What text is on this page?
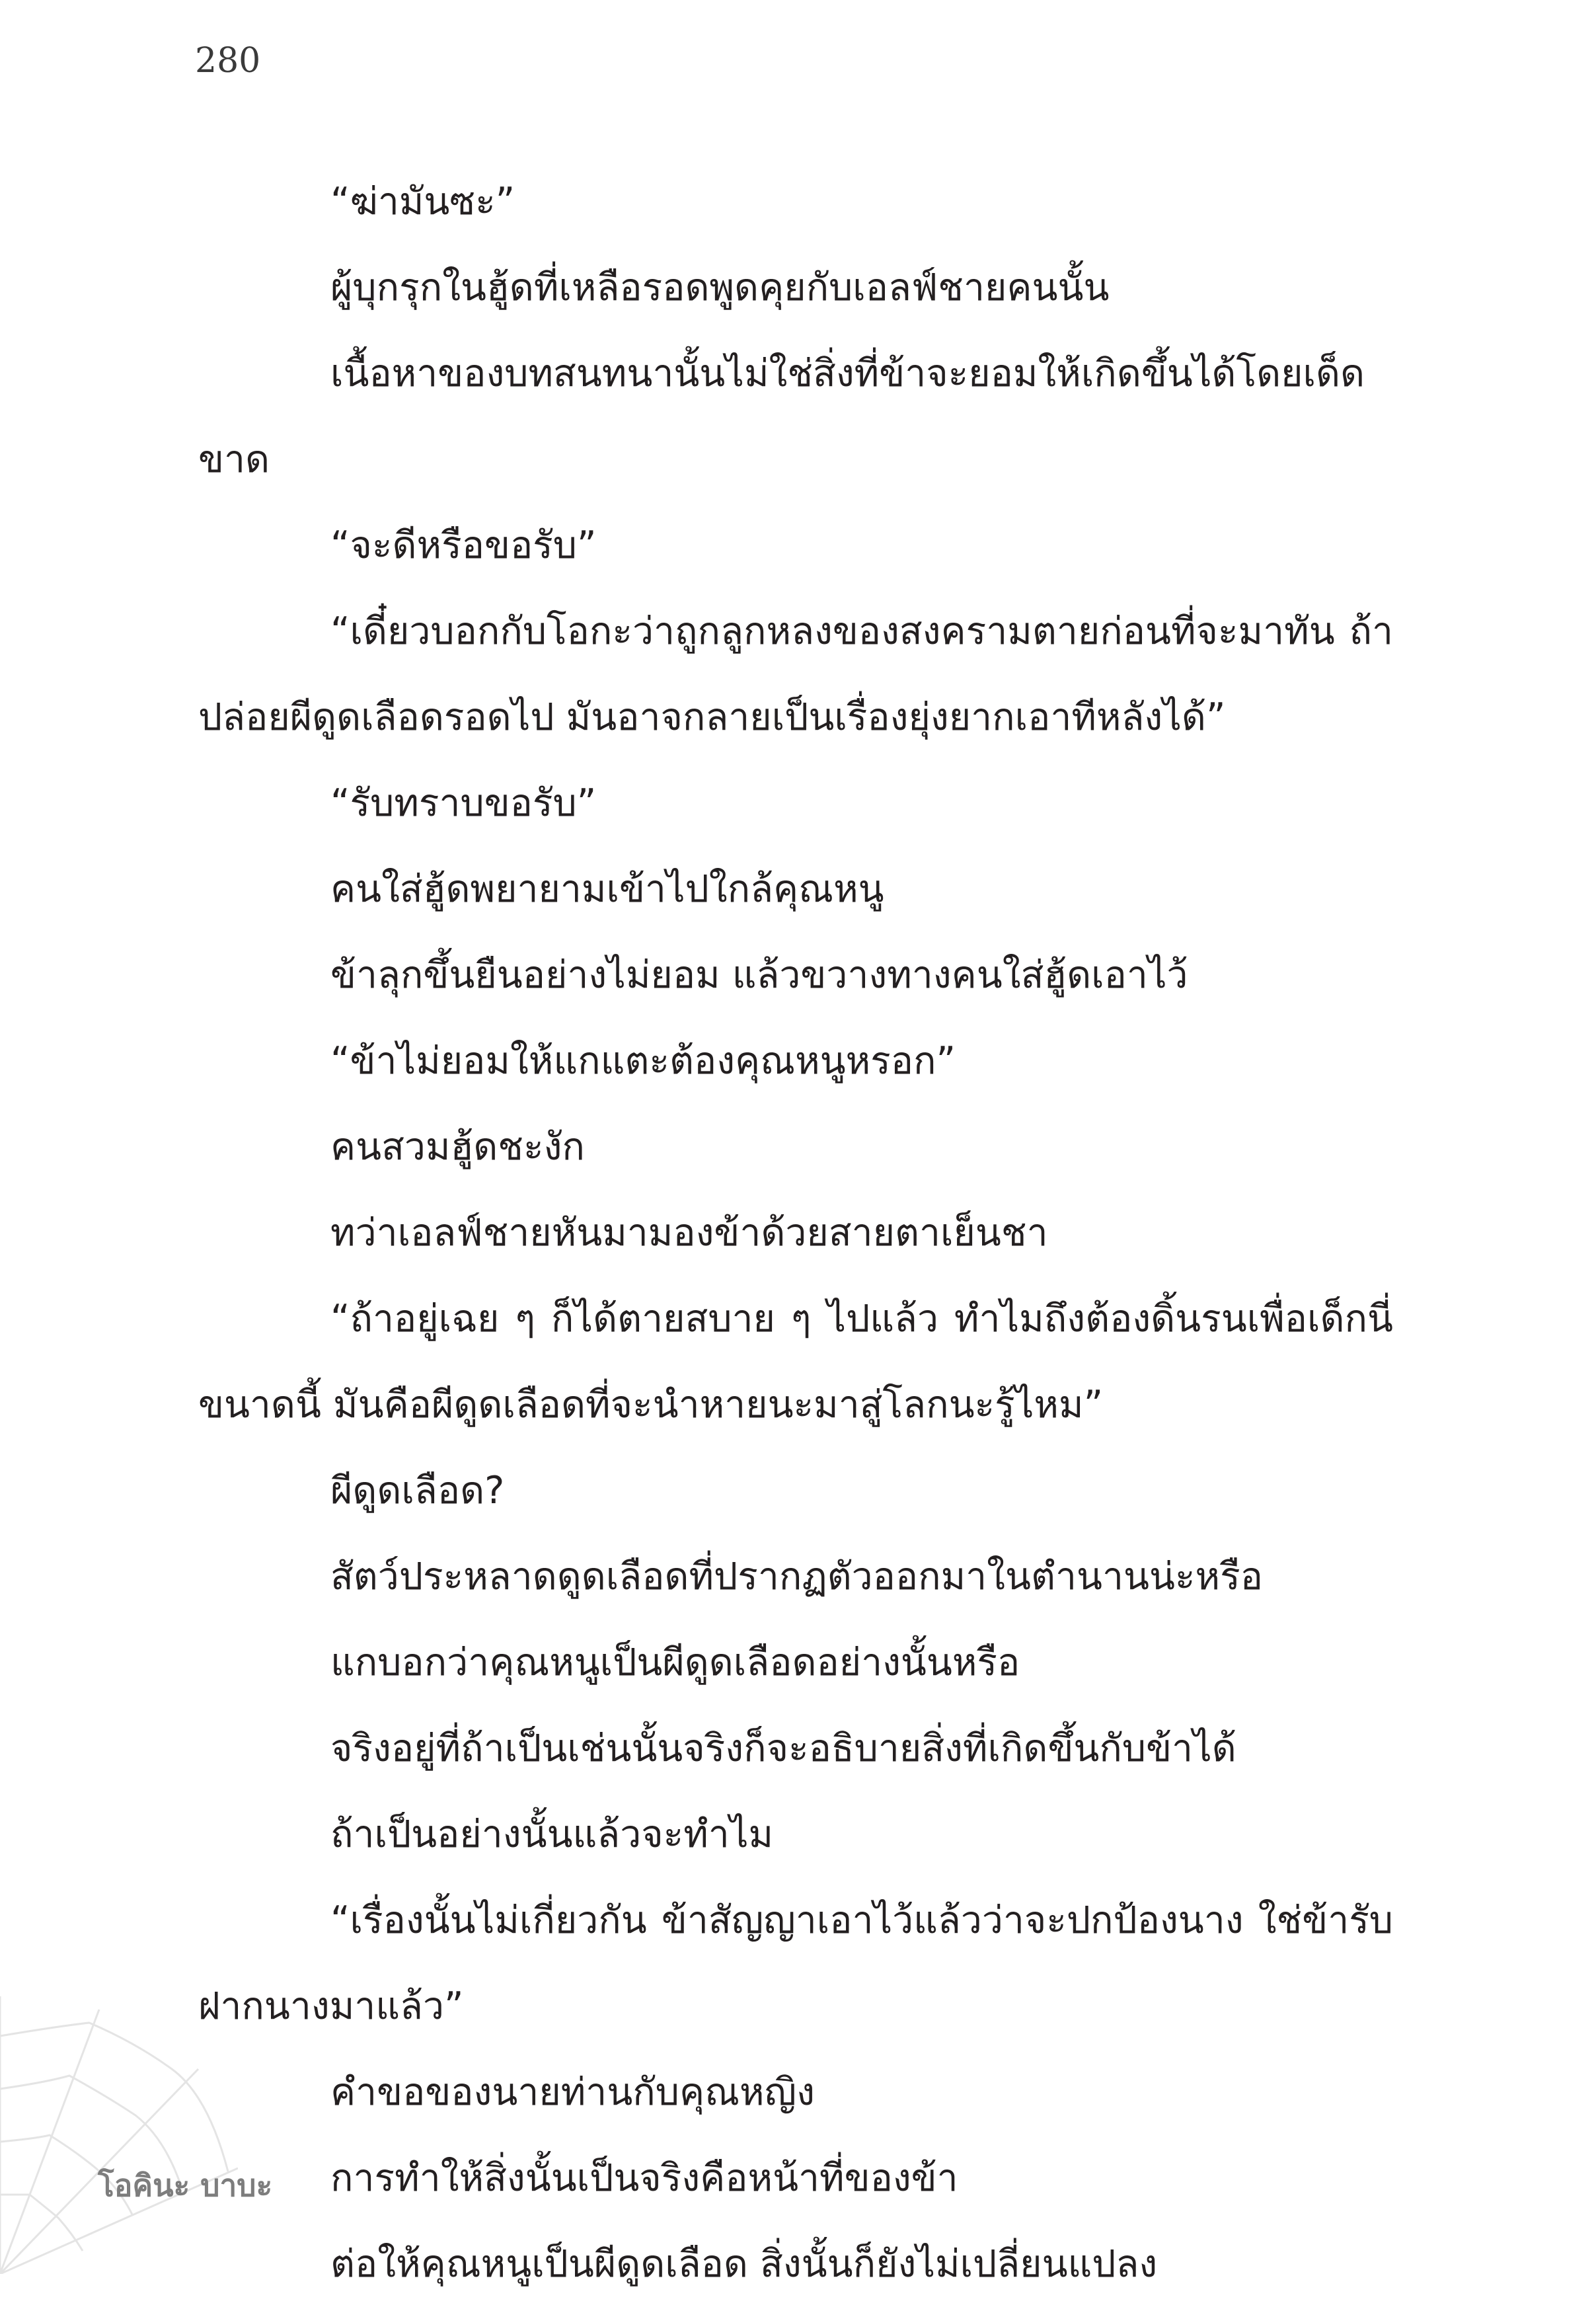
280

“ฆ่ามันซะ”

ผู้บุกรุกในฮู้ดที่เหลือรอดพูดคุยกับเอลฟ์ชายคนนั้น

เนื้อหาของบทสนทนานั้นไม่ใช่สิ่งที่ข้าจะยอมให้เกิดขึ้นได้โดยเด็ดขาด

“จะดีหรือขอรับ”

“เดี๋ยวบอกกับโอกะว่าถูกลูกหลงของสงครามตายก่อนที่จะมาทัน ถ้าปล่อยผีดูดเลือดรอดไป มันอาจกลายเป็นเรื่องยุ่งยากเอาทีหลังได้”

“รับทราบขอรับ”

คนใส่ฮู้ดพยายามเข้าไปใกล้คุณหนู

ข้าลุกขึ้นยืนอย่างไม่ยอม แล้วขวางทางคนใส่ฮู้ดเอาไว้

“ข้าไม่ยอมให้แกแตะต้องคุณหนูหรอก”

คนสวมฮู้ดชะงัก

ทว่าเอลฟ์ชายหันมามองข้าด้วยสายตาเย็นชา

“ถ้าอยู่เฉย ๆ ก็ได้ตายสบาย ๆ ไปแล้ว ทำไมถึงต้องดิ้นรนเพื่อเด็กนี่ขนาดนี้ มันคือผีดูดเลือดที่จะนำหายนะมาสู่โลกนะรู้ไหม”

ผีดูดเลือด?

สัตว์ประหลาดดูดเลือดที่ปรากฏตัวออกมาในตำนานน่ะหรือ

แกบอกว่าคุณหนูเป็นผีดูดเลือดอย่างนั้นหรือ

จริงอยู่ที่ถ้าเป็นเช่นนั้นจริงก็จะอธิบายสิ่งที่เกิดขึ้นกับข้าได้

ถ้าเป็นอย่างนั้นแล้วจะทำไม

“เรื่องนั้นไม่เกี่ยวกัน ข้าสัญญาเอาไว้แล้วว่าจะปกป้องนาง ใช่ข้ารับฝากนางมาแล้ว”

คำขอของนายท่านกับคุณหญิง

การทำให้สิ่งนั้นเป็นจริงคือหน้าที่ของข้า

ต่อให้คุณหนูเป็นผีดูดเลือด สิ่งนั้นก็ยังไม่เปลี่ยนแปลง

โอคินะ บาบะ
